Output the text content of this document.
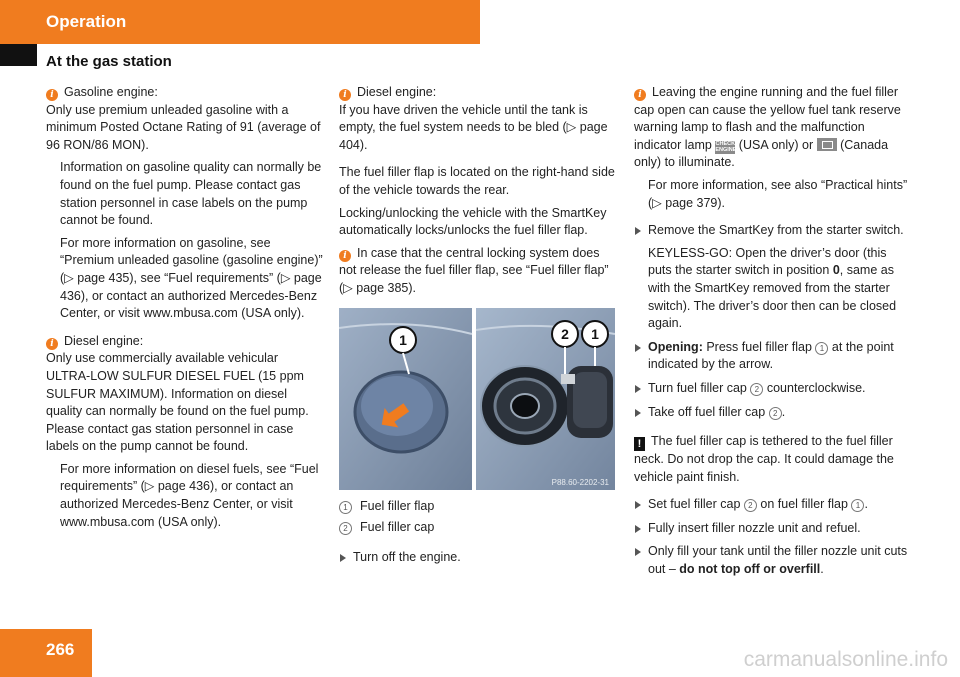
Operation
At the gas station

i Gasoline engine:
Only use premium unleaded gasoline with a minimum Posted Octane Rating of 91 (average of 96 RON/86 MON).

Information on gasoline quality can normally be found on the fuel pump. Please contact gas station personnel in case labels on the pump cannot be found.

For more information on gasoline, see “Premium unleaded gasoline (gasoline engine)” (▷ page 435), see “Fuel requirements” (▷ page 436), or contact an authorized Mercedes-Benz Center, or visit www.mbusa.com (USA only).

i Diesel engine:
Only use commercially available vehicular ULTRA-LOW SULFUR DIESEL FUEL (15 ppm SULFUR MAXIMUM). Information on diesel quality can normally be found on the fuel pump. Please contact gas station personnel in case labels on the pump cannot be found.

For more information on diesel fuels, see “Fuel requirements” (▷ page 436), or contact an authorized Mercedes-Benz Center, or visit www.mbusa.com (USA only).

i Diesel engine:
If you have driven the vehicle until the tank is empty, the fuel system needs to be bled (▷ page 404).

The fuel filler flap is located on the right-hand side of the vehicle towards the rear.

Locking/unlocking the vehicle with the SmartKey automatically locks/unlocks the fuel filler flap.

i In case that the central locking system does not release the fuel filler flap, see “Fuel filler flap” (▷ page 385).

1	2 1
P88.60-2202-31
1 Fuel filler flap
2 Fuel filler cap
Turn off the engine.

i Leaving the engine running and the fuel filler cap open can cause the yellow fuel tank reserve warning lamp to flash and the malfunction indicator lamp CHECK ENGINE (USA only) or (Canada only) to illuminate.

For more information, see also “Practical hints” (▷ page 379).

Remove the SmartKey from the starter switch.

KEYLESS-GO: Open the driver’s door (this puts the starter switch in position 0, same as with the SmartKey removed from the starter switch). The driver’s door then can be closed again.

Opening: Press fuel filler flap 1 at the point indicated by the arrow.
Turn fuel filler cap 2 counterclockwise.
Take off fuel filler cap 2 .

! The fuel filler cap is tethered to the fuel filler neck. Do not drop the cap. It could damage the vehicle paint finish.

Set fuel filler cap 2 on fuel filler flap 1 .
Fully insert filler nozzle unit and refuel.
Only fill your tank until the filler nozzle unit cuts out – do not top off or overfill.
266	carmanualsonline.info
